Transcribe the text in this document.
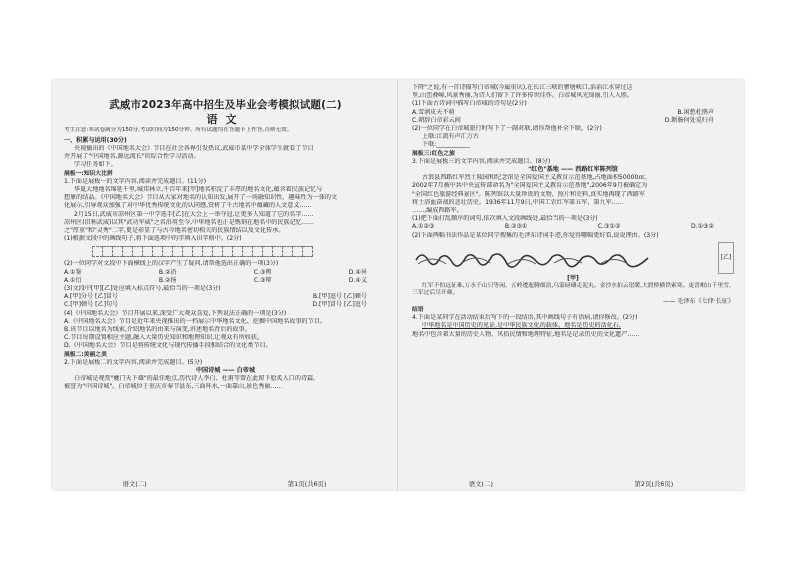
武威市2023年高中招生及毕业会考模拟试题(二)
语文
考生注意:本试卷满分为150分,考试时间为150分钟。所有试题均在答题卡上作答,否则无效。
一、积累与运用(30分)
央视播出的《中国地名大会》节目在社会各界引发热议,武威市某中学全体学生就看了节目
并开展了"中国地名,源远流长"的综合性学习活动。
学习任务如下。
展板一:知识大比拼
1.下面是展板一的文字内容,阅读并完成题目。(11分)
华夏大地地名绵延千里,城邦林立,千百年来[甲]地名积淀了丰厚的地名文化,蕴含着民族记忆与
想象的结晶。《中国地名大会》节目从大家对地名的认知出发,展开了一场融知识性、趣味性为一体的文
化展示,引导观众加强了对中华优秀传统文化的认同感,赏析了千古地名中蕴藏的人文意义……
2月15日,武威市凉州区第一中学选手[乙]在大会上一举夺冠,让更多人知道了它的名字……
凉州区(旧称武威)以其"武功军威"之名沿用至今,中华地名也正是镌刻在地名中的民族记忆……
之"厚重"和"灵秀"二字,更是彰显了与古今地名密切相关的民族情结以及文化传承。
(1)根据文段中的画线句子,将下面选项中的字填入田字格中。(2分)
(2)一位同学对文段中下面横线上的汉字产生了疑问,请帮他选出正确的一项(3分)
A.①鉴	B.②沿	C.③辨	D.④异
A.①衍	B.②扬	C.③辩	D.④义
(3)文段中[甲][乙]处应填入标点符号,最恰当的一项是(3分)
A.[甲]分号 [乙]冒号	B.[甲]逗号 [乙]顿号
C.[甲]顿号 [乙]句号	D.[甲]冒号 [乙]逗号
(4)《中国地名大会》节目开展以来,深受广大观众喜爱,下列说法正确的一项是(3分)
A.《中国地名大会》节目是近年来央视推出的一档展示中华地名文化、挖掘中国地名故事的节目。
B.该节目以地名为线索,介绍地名的由来与演变,讲述地名背后的故事。
C.节目每期设置相应主题,融入大量历史知识和地理知识,让观众有所收获。
D.《中国地名大会》节目是将传统文化与现代传播手段相结合的文化类节目。
展板二:美丽之美
2.下面是展板二的文字内容,阅读并完成题目。(5分)
中国诗城 —— 白帝城
白帝城是观赏"夔门天下雄"的最佳地点,历代诗人李白、杜甫等曾在此留下脍炙人口的诗篇,
被誉为"中国诗城"。白帝城位于重庆市奉节县东,三面环水,一面靠山,景色秀丽……
语文(二)	第1页(共6页)
下降"之说,有一首诗描写白帝城(今属重庆),在长江三峡的瞿塘峡口,滔滔江水穿过这
里,山峦叠嶂,风景秀丽,为诗人们留下了许多传世佳作。白帝城风光绮丽,引人入胜。
(1)下面古诗词中描写白帝城的诗句是(2分)
A.雪润皮天不萌	B.闲愁杜鹃声
C.朝辞白帝彩云间	D.断肠何处觅归舟
(2)一位同学在白帝城旅行时写下了一副对联,请你帮他补全下联。(2分)
上联:江流有声汇万古
下联:___________
展板三:红色之旅
3.下面是展板三的文字内容,阅读并完成题目。(8分)
"红色"基地 —— 西路红军陈列馆
古浪县西路红军烈士陵园和纪念馆是全国爱国主义教育示范基地,占地面积50000㎡。
2002年7月被中共中央宣传部命名为"全国爱国主义教育示范基地",2006年9月被确定为
"全国红色旅游经典景区"。陈列馆以大量珍贵的文物、照片和史料,真实地再现了西路军
将士浴血奋战的悲壮历史。1936年11月9日,中国工农红军第五军、第九军……
……,编成西路军。
(1)把下面打乱顺序的词句,依次填入文段画线处,最恰当的一项是(3分)
A.①②③	B.②③①	C.③①②	D.①③②
(2)下面两幅书法作品是某位同学搜集的毛泽东诗词手迹,你觉得哪幅更好看,说说理由。(3分)
[乙]
[甲]
红军不怕远征难,万水千山只等闲。五岭逶迤腾细浪,乌蒙磅礴走泥丸。金沙水拍云崖暖,大渡桥横铁索寒。更喜岷山千里雪,三军过后尽开颜。
—— 毛泽东《七律·长征》
结语
4.下面是某同学在活动结束后写下的一段结语,其中画线句子有语病,请你修改。(2分)
中华地名是中国历史的见证,是中华民族文化的载体。地名是历史的活化石,
地名中包含着大量的历史人物、风俗民情和地理特征,地名是记录历史的文化遗产……
语文(二)	第2页(共6页)
